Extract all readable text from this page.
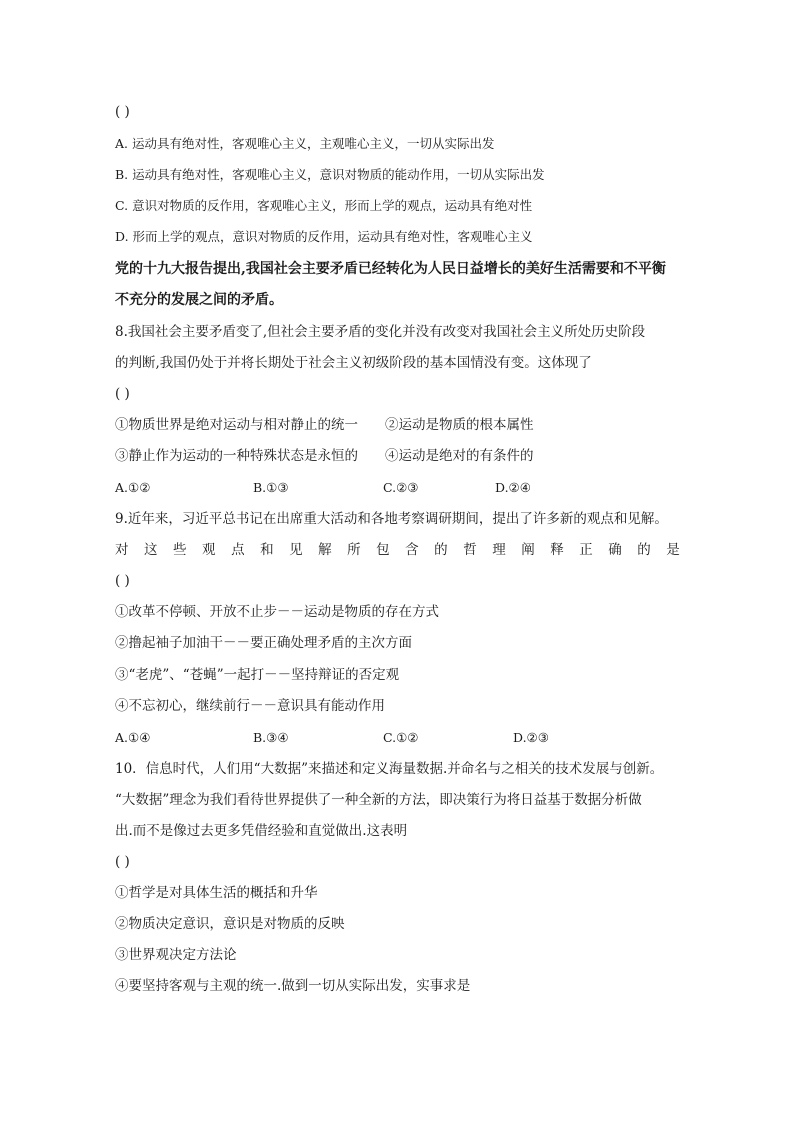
( )
A. 运动具有绝对性，客观唯心主义，主观唯心主义，一切从实际出发
B. 运动具有绝对性，客观唯心主义，意识对物质的能动作用，一切从实际出发
C. 意识对物质的反作用，客观唯心主义，形而上学的观点，运动具有绝对性
D. 形而上学的观点，意识对物质的反作用，运动具有绝对性，客观唯心主义
党的十九大报告提出,我国社会主要矛盾已经转化为人民日益增长的美好生活需要和不平衡
不充分的发展之间的矛盾。
8.我国社会主要矛盾变了,但社会主要矛盾的变化并没有改变对我国社会主义所处历史阶段
的判断,我国仍处于并将长期处于社会主义初级阶段的基本国情没有变。这体现了
( )
①物质世界是绝对运动与相对静止的统一 ②运动是物质的根本属性
③静止作为运动的一种特殊状态是永恒的 ④运动是绝对的有条件的
A.①②	B.①③	C.②③	D.②④
9.近年来，习近平总书记在出席重大活动和各地考察调研期间，提出了许多新的观点和见解。
对 这 些 观 点 和 见 解 所 包 含 的 哲 理 阐 释 正 确 的 是
( )
①改革不停顿、开放不止步－－运动是物质的存在方式
②撸起袖子加油干－－要正确处理矛盾的主次方面
③“老虎”、“苍蝇”一起打－－坚持辩证的否定观
④不忘初心，继续前行－－意识具有能动作用
A.①④	B.③④	C.①②	D.②③
10．信息时代，人们用“大数据”来描述和定义海量数据.并命名与之相关的技术发展与创新。
“大数据”理念为我们看待世界提供了一种全新的方法，即决策行为将日益基于数据分析做
出.而不是像过去更多凭借经验和直觉做出.这表明
( )
①哲学是对具体生活的概括和升华
②物质决定意识，意识是对物质的反映
③世界观决定方法论
④要坚持客观与主观的统一.做到一切从实际出发，实事求是
